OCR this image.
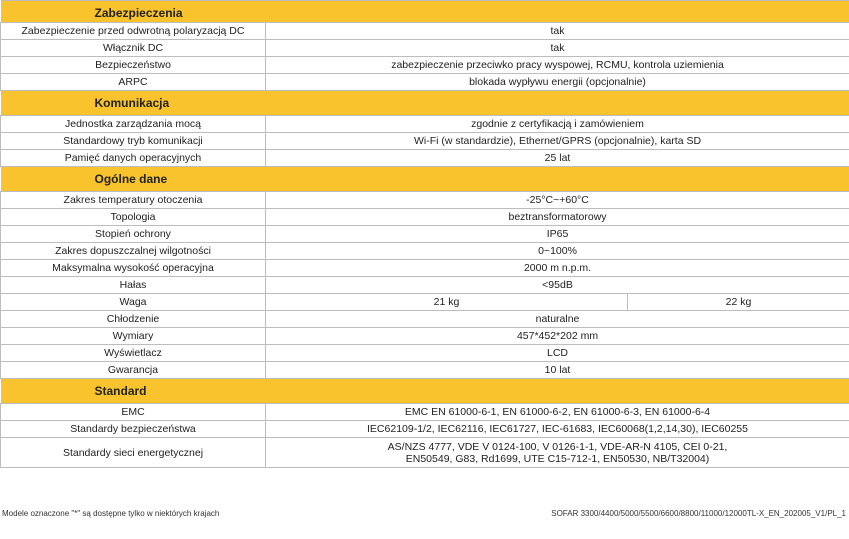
Zabezpieczenia		
Zabezpieczenie przed odwrotną polaryzacją DC	tak	
Włącznik DC	tak	
Bezpieczeństwo	zabezpieczenie przeciwko pracy wyspowej, RCMU, kontrola uziemienia	
ARPC	blokada wypływu energii (opcjonalnie)	
Komunikacja		
Jednostka zarządzania mocą	zgodnie z certyfikacją i zamówieniem	
Standardowy tryb komunikacji	Wi-Fi (w standardzie), Ethernet/GPRS (opcjonalnie), karta SD	
Pamięć danych operacyjnych	25 lat	
Ogólne dane		
Zakres temperatury otoczenia	-25°C~+60°C	
Topologia	beztransformatorowy	
Stopień ochrony	IP65	
Zakres dopuszczalnej wilgotności	0~100%	
Maksymalna wysokość operacyjna	2000 m n.p.m.	
Hałas	<95dB	
Waga	21 kg	22 kg
Chłodzenie	naturalne	
Wymiary	457*452*202 mm	
Wyświetlacz	LCD	
Gwarancja	10 lat	
Standard		
EMC	EMC EN 61000-6-1, EN 61000-6-2, EN 61000-6-3, EN 61000-6-4	
Standardy bezpieczeństwa	IEC62109-1/2, IEC62116, IEC61727, IEC-61683, IEC60068(1,2,14,30), IEC60255	
Standardy sieci energetycznej	AS/NZS 4777, VDE V 0124-100, V 0126-1-1, VDE-AR-N 4105, CEI 0-21,
EN50549, G83, Rd1699, UTE C15-712-1, EN50530, NB/T32004)	
Modele oznaczone "*" są dostępne tylko w niektórych krajach	SOFAR 3300/4400/5000/5500/6600/8800/11000/12000TL-X_EN_202005_V1/PL_1
